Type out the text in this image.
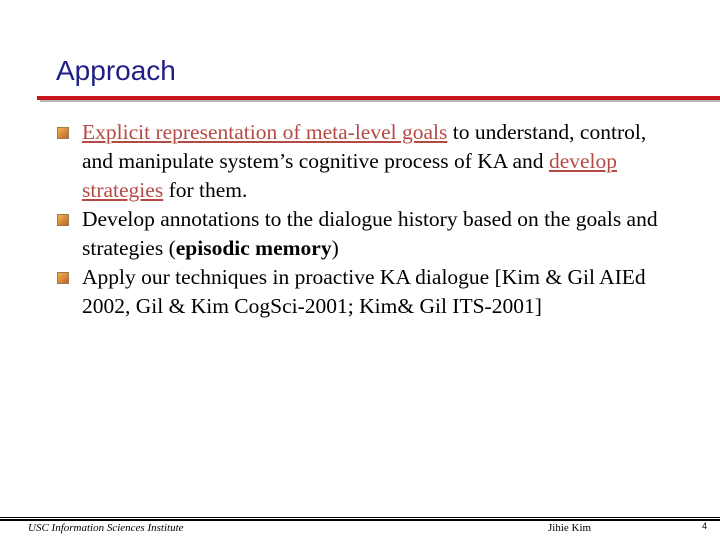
Approach
Explicit representation of meta-level goals to understand, control, and manipulate system’s cognitive process of KA and develop strategies for them.
Develop annotations to the dialogue history based on the goals and strategies (episodic memory)
Apply our techniques in proactive KA dialogue [Kim & Gil AIEd 2002, Gil & Kim CogSci-2001; Kim& Gil ITS-2001]
USC Information Sciences Institute	Jihie Kim	4
